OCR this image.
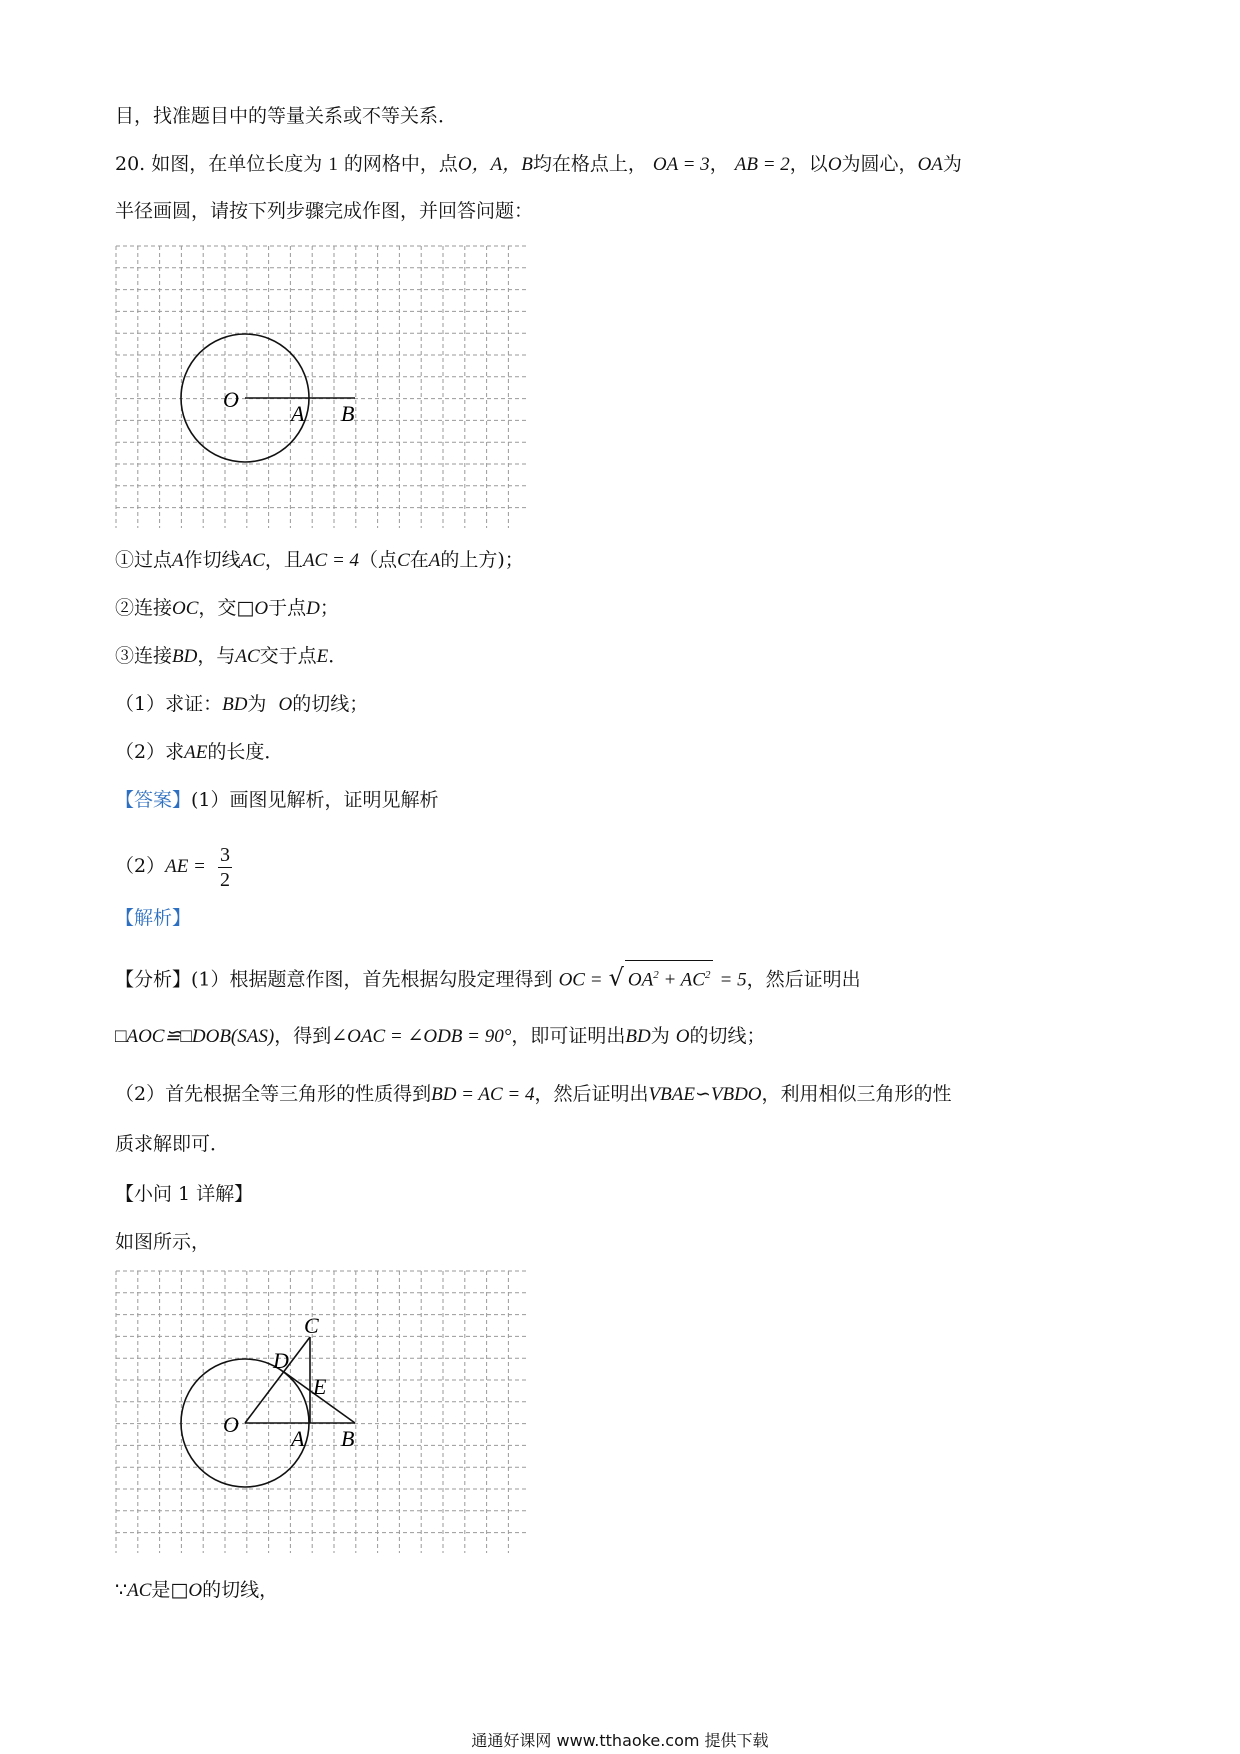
目，找准题目中的等量关系或不等关系．
20. 如图，在单位长度为 1 的网格中，点O，A，B均在格点上， OA = 3， AB = 2，以O为圆心，OA为
半径画圆，请按下列步骤完成作图，并回答问题：
O
A B
①过点A作切线AC，且AC = 4（点C在A的上方)；
②连接OC，交□O于点D；
③连接BD，与AC交于点E．
（1）求证：BD为 O的切线；
（2）求AE的长度．
【答案】(1）画图见解析，证明见解析
$(2)AE = \frac{3}{2}$
【解析】
【分析】(1）根据题意作图，首先根据勾股定理得到 OC = √ $OA^2 + AC^2 = 5$，然后证明出
□AOC≌□DOB(SAS)，得到∠OAC = ∠ODB = 90°，即可证明出BD为 O的切线；
（2）首先根据全等三角形的性质得到BD = AC = 4，然后证明出VBAE∽VBDO，利用相似三角形的性
质求解即可．
【小问 1 详解】
如图所示，
O
A B
C
D
E
∵AC是□O的切线，
通通好课网 www.tthaoke.com 提供下载
